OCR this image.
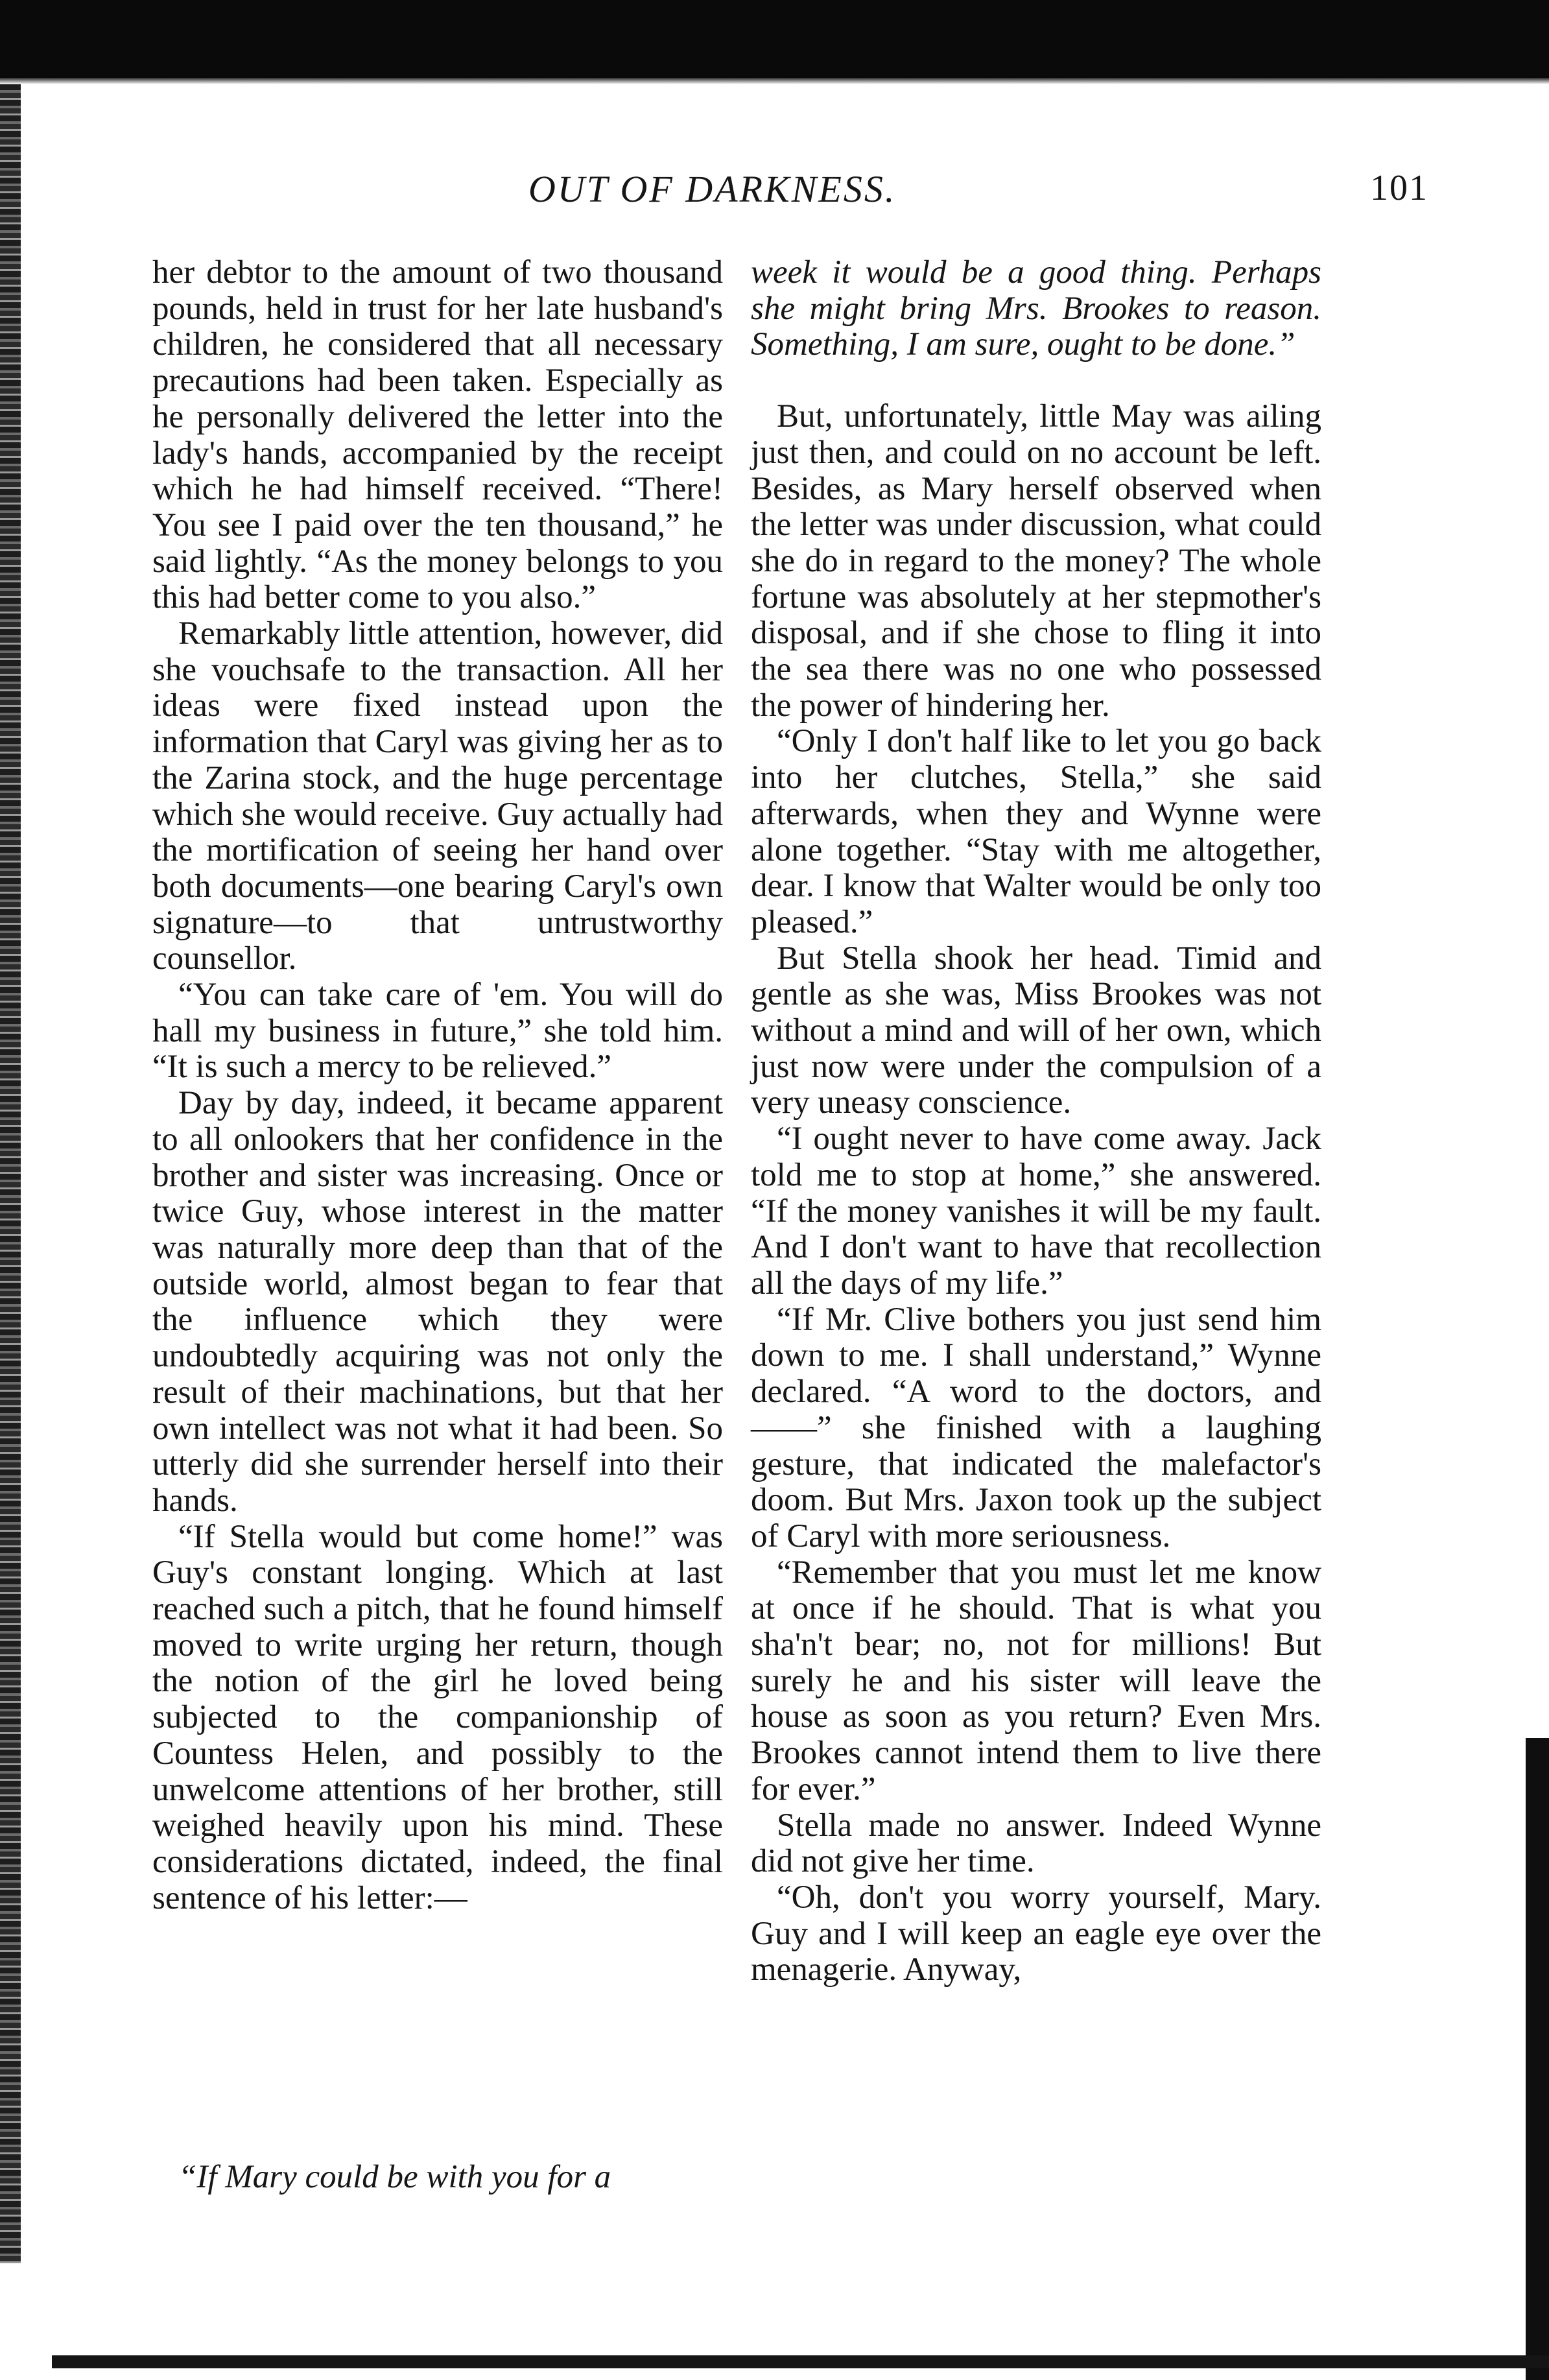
OUT OF DARKNESS.	101

her debtor to the amount of two thousand pounds, held in trust for her late husband's children, he considered that all necessary precautions had been taken. Especially as he personally delivered the letter into the lady's hands, accompanied by the receipt which he had himself received. “There! You see I paid over the ten thousand,” he said lightly. “As the money belongs to you this had better come to you also.”

Remarkably little attention, however, did she vouchsafe to the transaction. All her ideas were fixed instead upon the information that Caryl was giving her as to the Zarina stock, and the huge percentage which she would receive. Guy actually had the mortification of seeing her hand over both documents—one bearing Caryl's own signature—to that untrustworthy counsellor.

“You can take care of 'em. You will do hall my business in future,” she told him. “It is such a mercy to be relieved.”

Day by day, indeed, it became apparent to all onlookers that her confidence in the brother and sister was increasing. Once or twice Guy, whose interest in the matter was naturally more deep than that of the outside world, almost began to fear that the influence which they were undoubtedly acquiring was not only the result of their machinations, but that her own intellect was not what it had been. So utterly did she surrender herself into their hands.

“If Stella would but come home!” was Guy's constant longing. Which at last reached such a pitch, that he found himself moved to write urging her return, though the notion of the girl he loved being subjected to the companionship of Countess Helen, and possibly to the unwelcome attentions of her brother, still weighed heavily upon his mind. These considerations dictated, indeed, the final sentence of his letter:—

“If Mary could be with you for a

week it would be a good thing. Perhaps she might bring Mrs. Brookes to reason. Something, I am sure, ought to be done.”

But, unfortunately, little May was ailing just then, and could on no account be left. Besides, as Mary herself observed when the letter was under discussion, what could she do in regard to the money? The whole fortune was absolutely at her stepmother's disposal, and if she chose to fling it into the sea there was no one who possessed the power of hindering her.

“Only I don't half like to let you go back into her clutches, Stella,” she said afterwards, when they and Wynne were alone together. “Stay with me altogether, dear. I know that Walter would be only too pleased.”

But Stella shook her head. Timid and gentle as she was, Miss Brookes was not without a mind and will of her own, which just now were under the compulsion of a very uneasy conscience.

“I ought never to have come away. Jack told me to stop at home,” she answered. “If the money vanishes it will be my fault. And I don't want to have that recollection all the days of my life.”

“If Mr. Clive bothers you just send him down to me. I shall understand,” Wynne declared. “A word to the doctors, and——” she finished with a laughing gesture, that indicated the malefactor's doom. But Mrs. Jaxon took up the subject of Caryl with more seriousness.

“Remember that you must let me know at once if he should. That is what you sha'n't bear; no, not for millions! But surely he and his sister will leave the house as soon as you return? Even Mrs. Brookes cannot intend them to live there for ever.”

Stella made no answer. Indeed Wynne did not give her time.

“Oh, don't you worry yourself, Mary. Guy and I will keep an eagle eye over the menagerie. Anyway,
